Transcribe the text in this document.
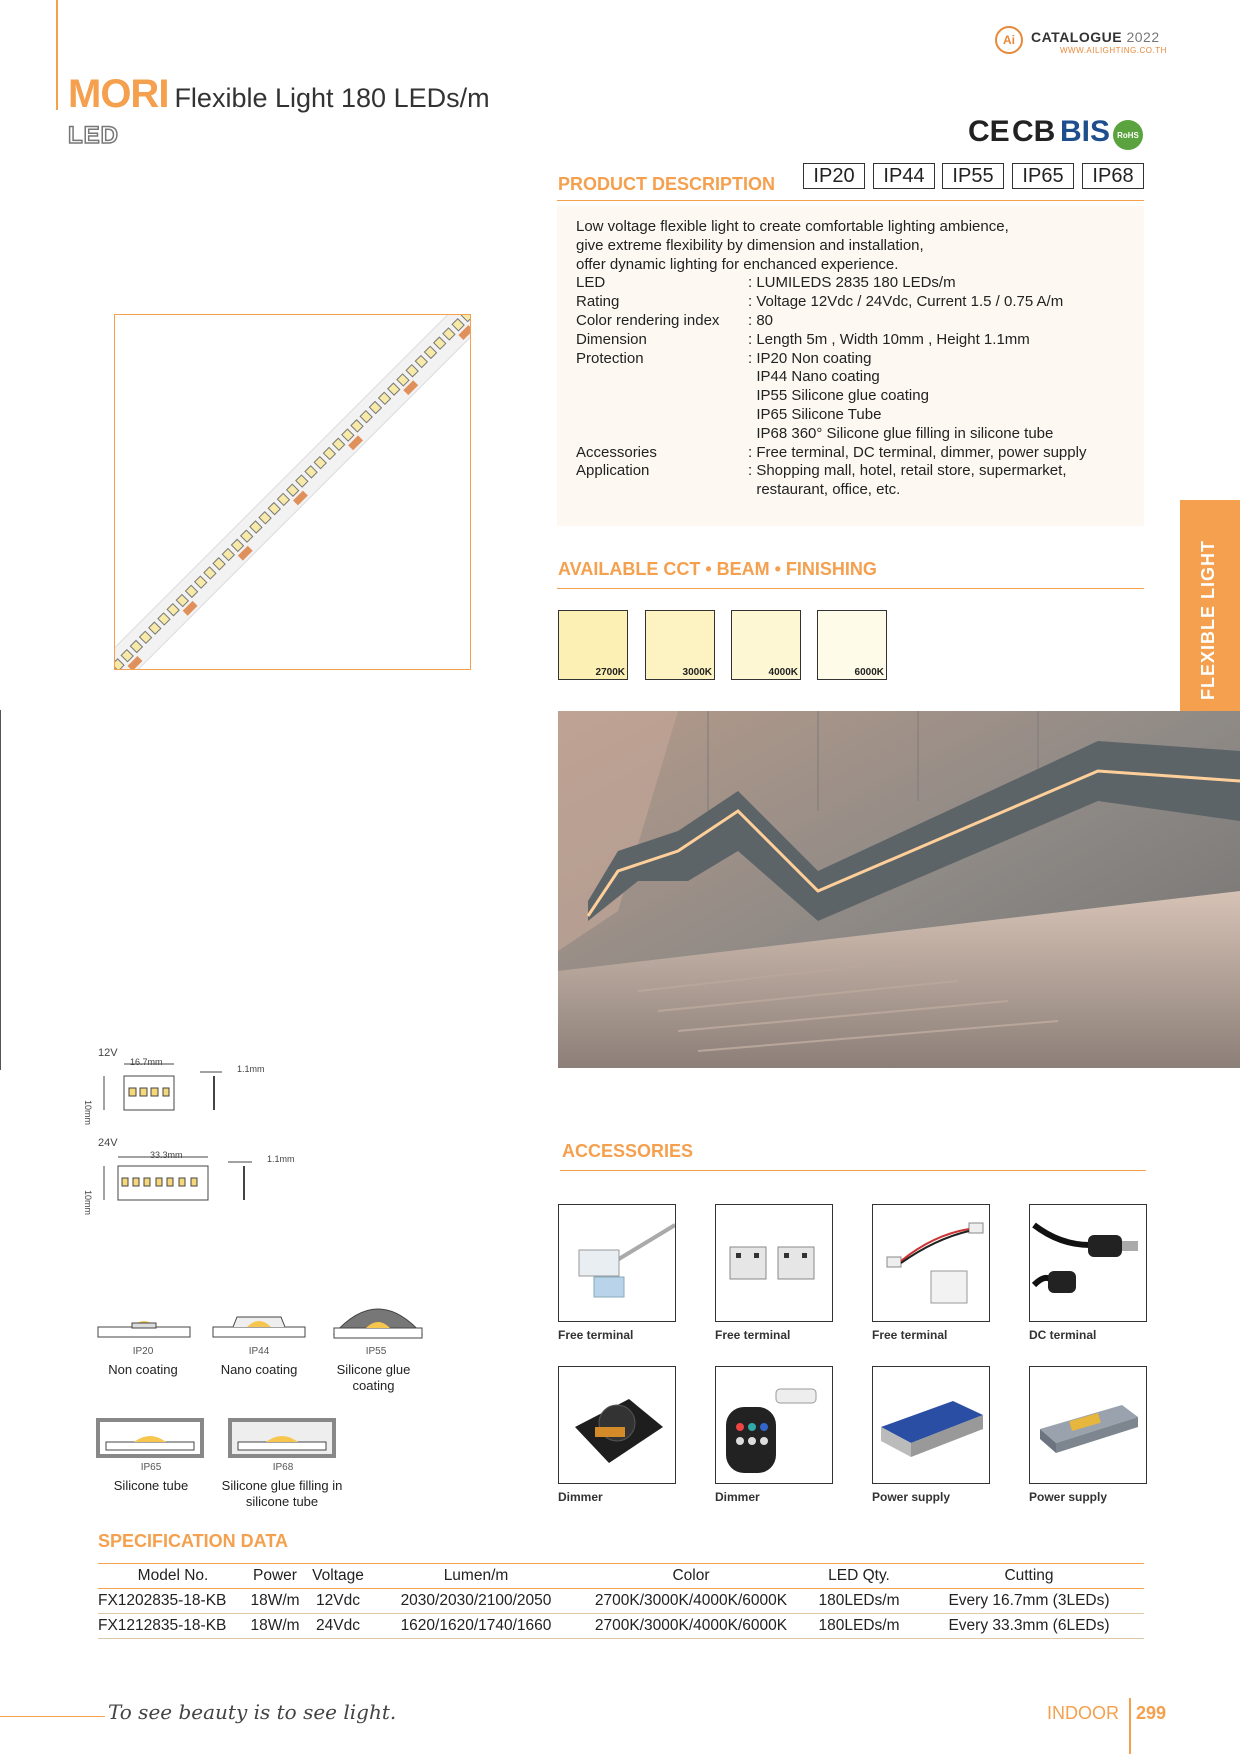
Ai CATALOGUE 2022
WWW.AILIGHTING.CO.TH
MORI Flexible Light 180 LEDs/m
LED	CE CB BIS RoHS
PRODUCT DESCRIPTION	IP20	IP44	IP55	IP65	IP68
Low voltage flexible light to create comfortable lighting ambience,
give extreme flexibility by dimension and installation,
offer dynamic lighting for enchanced experience.
LED	: LUMILEDS 2835 180 LEDs/m
Rating	: Voltage 12Vdc / 24Vdc, Current 1.5 / 0.75 A/m
Color rendering index	: 80
Dimension	: Length 5m , Width 10mm , Height 1.1mm
Protection	: IP20 Non coating
IP44 Nano coating
IP55 Silicone glue coating
IP65 Silicone Tube
IP68 360° Silicone glue filling in silicone tube
Accessories	: Free terminal, DC terminal, dimmer, power supply
Application	: Shopping mall, hotel, retail store, supermarket,
restaurant, office, etc.
AVAILABLE CCT • BEAM • FINISHING
2700K	3000K	4000K	6000K	FLEXIBLE LIGHT
12V
16.7mm
10mm
1.1mm
24V
33.3mm
10mm
1.1mm
IP20
Non coating
IP44
Nano coating
IP55
Silicone glue coating
IP65
Silicone tube
IP68
Silicone glue filling in silicone tube
ACCESSORIES
Free terminal	Free terminal	Free terminal	DC terminal
Dimmer	Dimmer	Power supply	Power supply
SPECIFICATION DATA
Model No.	Power	Voltage	Lumen/m	Color	LED Qty.	Cutting
FX1202835-18-KB	18W/m	12Vdc	2030/2030/2100/2050	2700K/3000K/4000K/6000K	180LEDs/m	Every 16.7mm (3LEDs)
FX1212835-18-KB	18W/m	24Vdc	1620/1620/1740/1660	2700K/3000K/4000K/6000K	180LEDs/m	Every 33.3mm (6LEDs)
To see beauty is to see light.	INDOOR 299
